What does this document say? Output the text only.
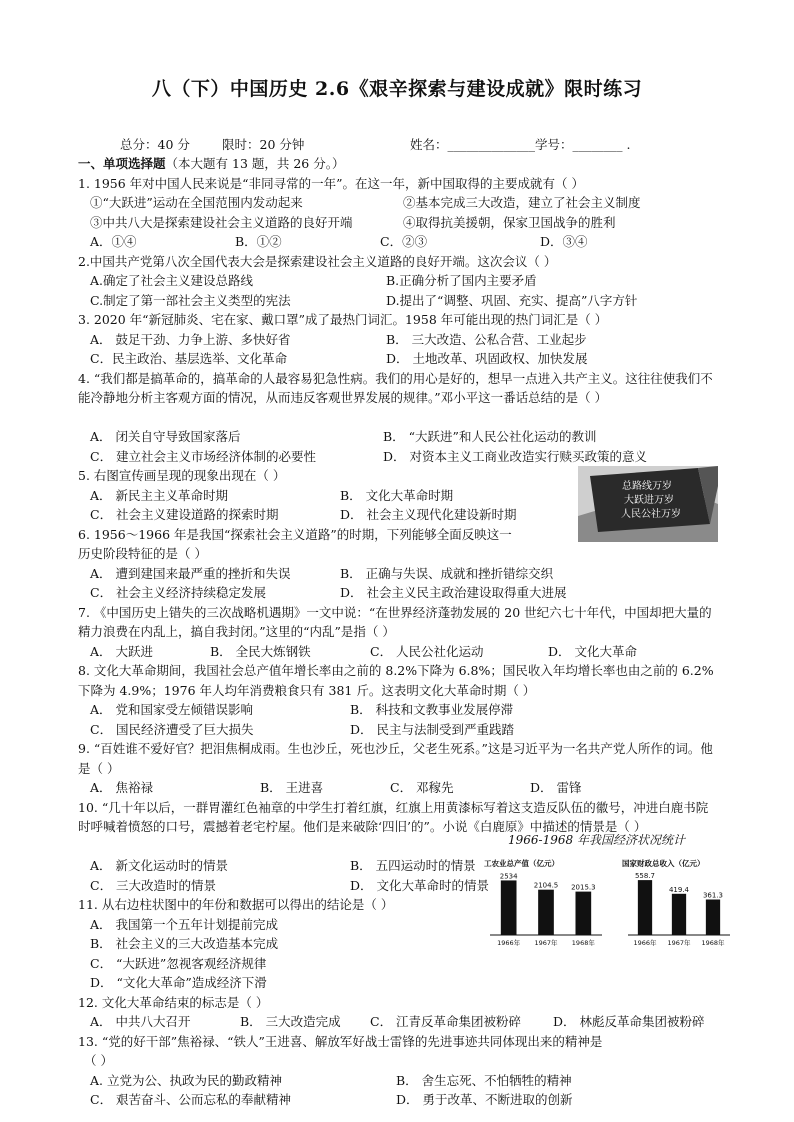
八（下）中国历史 2.6《艰辛探索与建设成就》限时练习
总分：40 分	限时：20 分钟	姓名：______________学号：________ .
一、单项选择题（本大题有 13 题，共 26 分。）
1. 1956 年对中国人民来说是“非同寻常的一年”。在这一年，新中国取得的主要成就有（ ）
①“大跃进”运动在全国范围内发动起来	②基本完成三大改造，建立了社会主义制度
③中共八大是探索建设社会主义道路的良好开端	④取得抗美援朝，保家卫国战争的胜利
A．①④	B．①②	C．②③	D．③④
2.中国共产党第八次全国代表大会是探索建设社会主义道路的良好开端。这次会议（ ）
A.确定了社会主义建设总路线	B.正确分析了国内主要矛盾
C.制定了第一部社会主义类型的宪法	D.提出了“调整、巩固、充实、提高”八字方针
3. 2020 年“新冠肺炎、宅在家、戴口罩”成了最热门词汇。1958 年可能出现的热门词汇是（ ）
A． 鼓足干劲、力争上游、多快好省	B． 三大改造、公私合营、工业起步
C．民主政治、基层选举、文化革命	D． 土地改革、巩固政权、加快发展
4. “我们都是搞革命的，搞革命的人最容易犯急性病。我们的用心是好的，想早一点进入共产主义。这往往使我们不能冷静地分析主客观方面的情况，从而违反客观世界发展的规律。”邓小平这一番话总结的是（ ）
A． 闭关自守导致国家落后	B． “大跃进”和人民公社化运动的教训
C． 建立社会主义市场经济体制的必要性	D． 对资本主义工商业改造实行赎买政策的意义
5. 右图宣传画呈现的现象出现在（ ）
A． 新民主主义革命时期	B． 文化大革命时期
C． 社会主义建设道路的探索时期	D． 社会主义现代化建设新时期
6. 1956～1966 年是我国“探索社会主义道路”的时期，下列能够全面反映这一
历史阶段特征的是（ ）
A． 遭到建国来最严重的挫折和失误	B． 正确与失误、成就和挫折错综交织
C． 社会主义经济持续稳定发展	D． 社会主义民主政治建设取得重大进展
7. 《中国历史上错失的三次战略机遇期》一文中说：“在世界经济蓬勃发展的 20 世纪六七十年代，中国却把大量的精力浪费在内乱上，搞自我封闭。”这里的“内乱”是指（ ）
A． 大跃进	B． 全民大炼钢铁	C． 人民公社化运动	D． 文化大革命
8. 文化大革命期间，我国社会总产值年增长率由之前的 8.2%下降为 6.8%；国民收入年均增长率也由之前的 6.2%下降为 4.9%；1976 年人均年消费粮食只有 381 斤。这表明文化大革命时期（ ）
A． 党和国家受左倾错误影响	B． 科技和文教事业发展停滞
C． 国民经济遭受了巨大损失	D． 民主与法制受到严重践踏
9. “百姓谁不爱好官？把泪焦桐成雨。生也沙丘，死也沙丘，父老生死系。”这是习近平为一名共产党人所作的词。他是（ ）
A． 焦裕禄	B． 王进喜	C． 邓稼先	D． 雷锋
10. “几十年以后，一群胃灌红色袖章的中学生打着红旗，红旗上用黄漆标写着这支造反队伍的徽号，冲进白鹿书院时呼喊着愤怒的口号，震撼着老宅柠屋。他们是来破除‘四旧’的”。小说《白鹿原》中描述的情景是（ ）
A． 新文化运动时的情景	B． 五四运动时的情景
C． 三大改造时的情景	D． 文化大革命时的情景
11. 从右边柱状图中的年份和数据可以得出的结论是（ ）
A． 我国第一个五年计划提前完成
B． 社会主义的三大改造基本完成
C． “大跃进”忽视客观经济规律
D． “文化大革命”造成经济下滑
12. 文化大革命结束的标志是（ ）
A． 中共八大召开	B． 三大改造完成 C． 江青反革命集团被粉碎	D． 林彪反革命集团被粉碎
13. “党的好干部”焦裕禄、“铁人”王进喜、解放军好战士雷锋的先进事迹共同体现出来的精神是
（ ）
A. 立党为公、执政为民的勤政精神	B． 舍生忘死、不怕牺牲的精神
C． 艰苦奋斗、公而忘私的奉献精神	D． 勇于改革、不断进取的创新
总路线万岁
大跃进万岁
人民公社万岁
1966-1968 年我国经济状况统计
工农业总产值（亿元）
2534
1966年
2104.5
1967年
2015.3
1968年
国家财政总收入（亿元）
558.7
1966年
419.4
1967年
361.3
1968年
